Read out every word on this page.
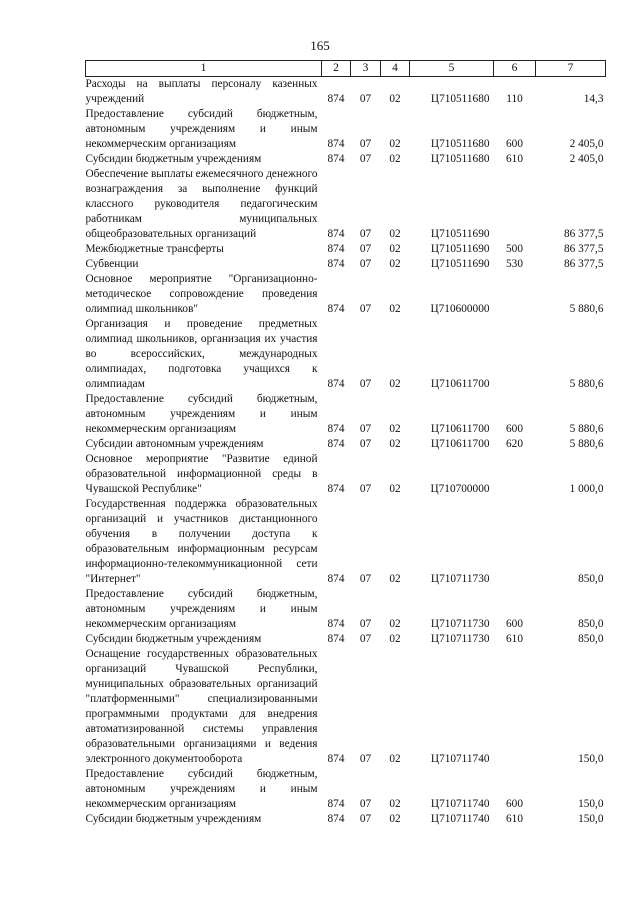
165
1	2	3	4	5	6	7
Расходы на выплаты персоналу казенных учреждений	874	07	02	Ц710511680	110	14,3
Предоставление субсидий бюджетным, автономным учреждениям и иным некоммерческим организациям	874	07	02	Ц710511680	600	2 405,0
Субсидии бюджетным учреждениям	874	07	02	Ц710511680	610	2 405,0
Обеспечение выплаты ежемесячного денежного вознаграждения за выполнение функций классного руководителя педагогическим работникам муниципальных общеобразовательных организаций	874	07	02	Ц710511690		86 377,5
Межбюджетные трансферты	874	07	02	Ц710511690	500	86 377,5
Субвенции	874	07	02	Ц710511690	530	86 377,5
Основное мероприятие "Организационно-методическое сопровождение проведения олимпиад школьников"	874	07	02	Ц710600000		5 880,6
Организация и проведение предметных олимпиад школьников, организация их участия во всероссийских, международных олимпиадах, подготовка учащихся к олимпиадам	874	07	02	Ц710611700		5 880,6
Предоставление субсидий бюджетным, автономным учреждениям и иным некоммерческим организациям	874	07	02	Ц710611700	600	5 880,6
Субсидии автономным учреждениям	874	07	02	Ц710611700	620	5 880,6
Основное мероприятие "Развитие единой образовательной информационной среды в Чувашской Республике"	874	07	02	Ц710700000		1 000,0
Государственная поддержка образовательных организаций и участников дистанционного обучения в получении доступа к образовательным информационным ресурсам информационно-телекоммуникационной сети "Интернет"	874	07	02	Ц710711730		850,0
Предоставление субсидий бюджетным, автономным учреждениям и иным некоммерческим организациям	874	07	02	Ц710711730	600	850,0
Субсидии бюджетным учреждениям	874	07	02	Ц710711730	610	850,0
Оснащение государственных образовательных организаций Чувашской Республики, муниципальных образовательных организаций "платформенными" специализированными программными продуктами для внедрения автоматизированной системы управления образовательными организациями и ведения электронного документооборота	874	07	02	Ц710711740		150,0
Предоставление субсидий бюджетным, автономным учреждениям и иным некоммерческим организациям	874	07	02	Ц710711740	600	150,0
Субсидии бюджетным учреждениям	874	07	02	Ц710711740	610	150,0
